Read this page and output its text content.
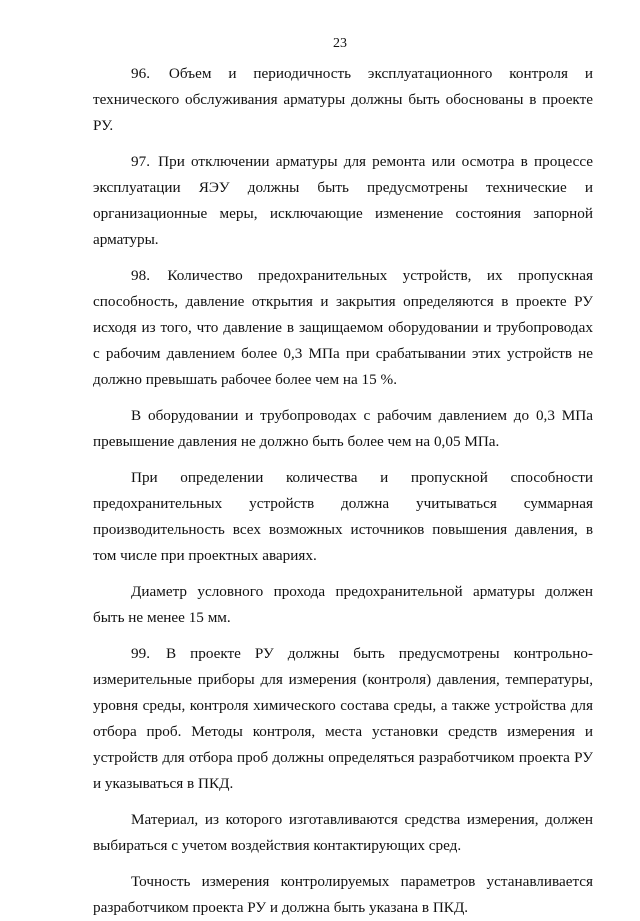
23

96. Объем и периодичность эксплуатационного контроля и технического обслуживания арматуры должны быть обоснованы в проекте РУ.

97. При отключении арматуры для ремонта или осмотра в процессе эксплуатации ЯЭУ должны быть предусмотрены технические и организационные меры, исключающие изменение состояния запорной арматуры.

98. Количество предохранительных устройств, их пропускная способность, давление открытия и закрытия определяются в проекте РУ исходя из того, что давление в защищаемом оборудовании и трубопроводах с рабочим давлением более 0,3 МПа при срабатывании этих устройств не должно превышать рабочее более чем на 15 %.

В оборудовании и трубопроводах с рабочим давлением до 0,3 МПа превышение давления не должно быть более чем на 0,05 МПа.

При определении количества и пропускной способности предохранительных устройств должна учитываться суммарная производительность всех возможных источников повышения давления, в том числе при проектных авариях.

Диаметр условного прохода предохранительной арматуры должен быть не менее 15 мм.

99. В проекте РУ должны быть предусмотрены контрольно-измерительные приборы для измерения (контроля) давления, температуры, уровня среды, контроля химического состава среды, а также устройства для отбора проб. Методы контроля, места установки средств измерения и устройств для отбора проб должны определяться разработчиком проекта РУ и указываться в ПКД.

Материал, из которого изготавливаются средства измерения, должен выбираться с учетом воздействия контактирующих сред.

Точность измерения контролируемых параметров устанавливается разработчиком проекта РУ и должна быть указана в ПКД.
